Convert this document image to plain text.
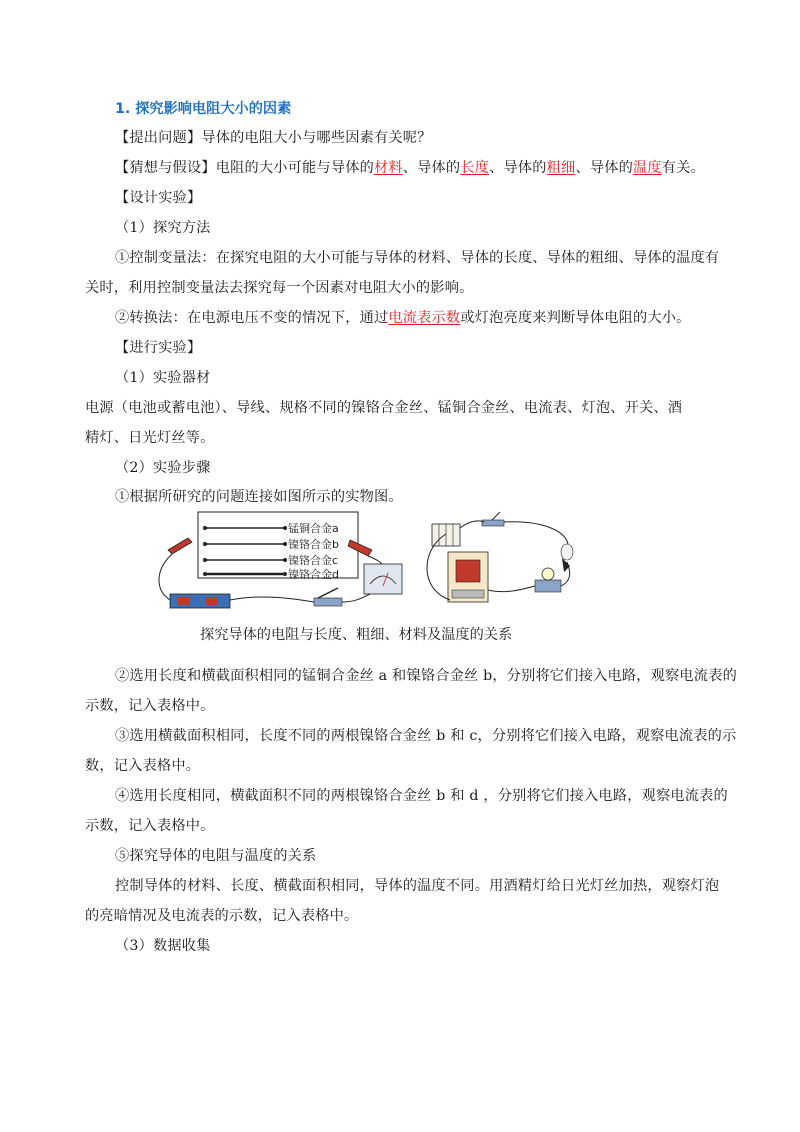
1. 探究影响电阻大小的因素
【提出问题】导体的电阻大小与哪些因素有关呢？
【猜想与假设】电阻的大小可能与导体的材料、导体的长度、导体的粗细、导体的温度有关。
【设计实验】
（1）探究方法
①控制变量法：在探究电阻的大小可能与导体的材料、导体的长度、导体的粗细、导体的温度有
关时，利用控制变量法去探究每一个因素对电阻大小的影响。
②转换法：在电源电压不变的情况下，通过电流表示数或灯泡亮度来判断导体电阻的大小。
【进行实验】
（1）实验器材
电源（电池或蓄电池）、导线、规格不同的镍铬合金丝、锰铜合金丝、电流表、灯泡、开关、酒
精灯、日光灯丝等。
（2）实验步骤
①根据所研究的问题连接如图所示的实物图。
锰铜合金a
镍铬合金b
镍铬合金c
镍铬合金d
探究导体的电阻与长度、粗细、材料及温度的关系
②选用长度和横截面积相同的锰铜合金丝 a 和镍铬合金丝 b，分别将它们接入电路，观察电流表的
示数，记入表格中。
③选用横截面积相同，长度不同的两根镍铬合金丝 b 和 c，分别将它们接入电路，观察电流表的示
数，记入表格中。
④选用长度相同，横截面积不同的两根镍铬合金丝 b 和 d ，分别将它们接入电路，观察电流表的
示数，记入表格中。
⑤探究导体的电阻与温度的关系
控制导体的材料、长度、横截面积相同，导体的温度不同。用酒精灯给日光灯丝加热，观察灯泡
的亮暗情况及电流表的示数，记入表格中。
（3）数据收集
